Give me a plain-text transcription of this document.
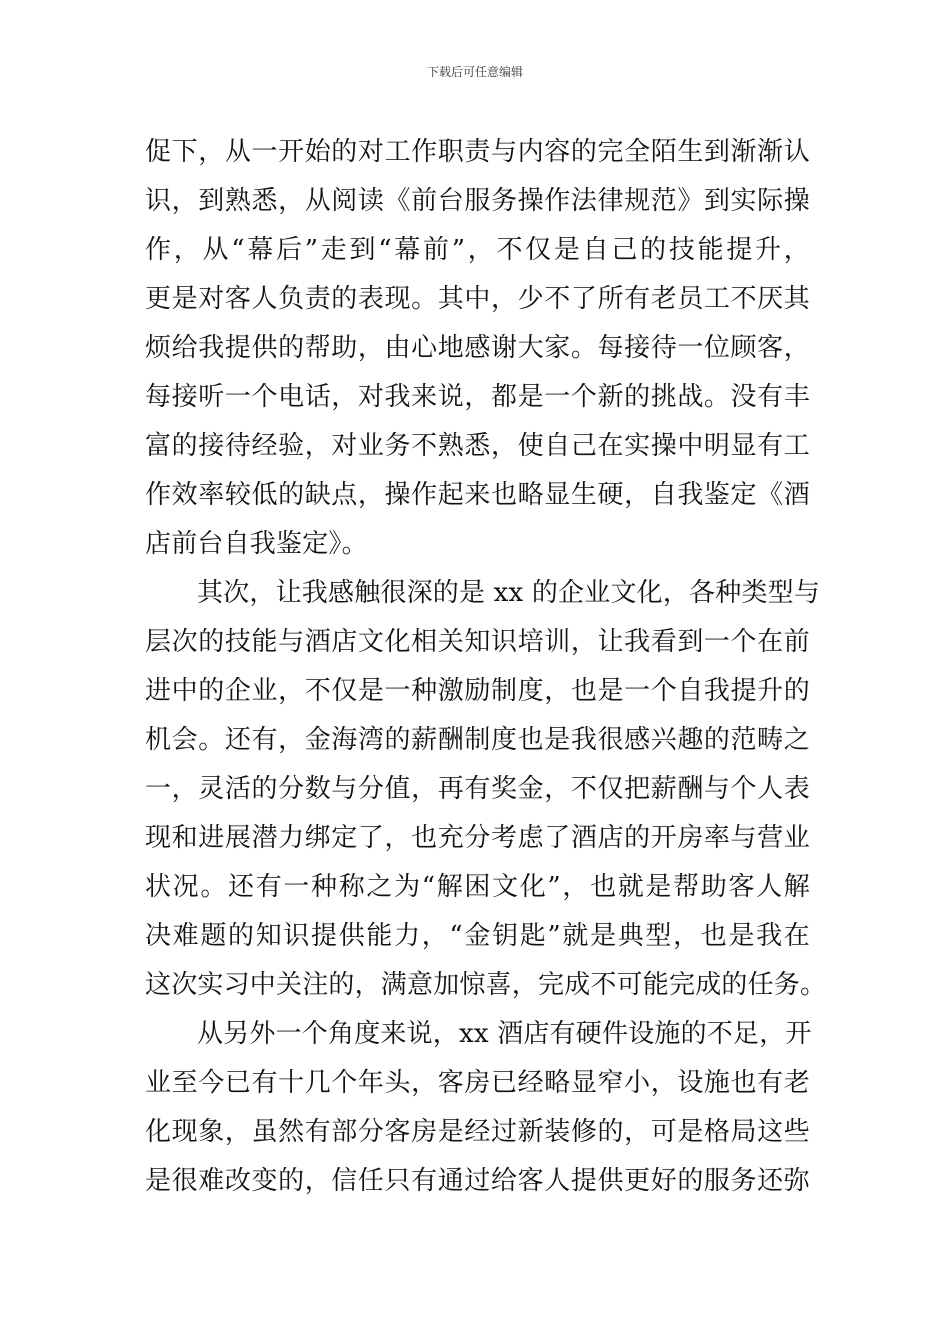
下载后可任意编辑
促下，从一开始的对工作职责与内容的完全陌生到渐渐认
识，到熟悉，从阅读《前台服务操作法律规范》到实际操
作，从“幕后”走到“幕前”，不仅是自己的技能提升，
更是对客人负责的表现。其中，少不了所有老员工不厌其
烦给我提供的帮助，由心地感谢大家。每接待一位顾客，
每接听一个电话，对我来说，都是一个新的挑战。没有丰
富的接待经验，对业务不熟悉，使自己在实操中明显有工
作效率较低的缺点，操作起来也略显生硬，自我鉴定《酒
店前台自我鉴定》。
其次，让我感触很深的是 xx 的企业文化，各种类型与
层次的技能与酒店文化相关知识培训，让我看到一个在前
进中的企业，不仅是一种激励制度，也是一个自我提升的
机会。还有，金海湾的薪酬制度也是我很感兴趣的范畴之
一，灵活的分数与分值，再有奖金，不仅把薪酬与个人表
现和进展潜力绑定了，也充分考虑了酒店的开房率与营业
状况。还有一种称之为“解困文化”，也就是帮助客人解
决难题的知识提供能力，“金钥匙”就是典型，也是我在
这次实习中关注的，满意加惊喜，完成不可能完成的任务。
从另外一个角度来说，xx 酒店有硬件设施的不足，开
业至今已有十几个年头，客房已经略显窄小，设施也有老
化现象，虽然有部分客房是经过新装修的，可是格局这些
是很难改变的，信任只有通过给客人提供更好的服务还弥
